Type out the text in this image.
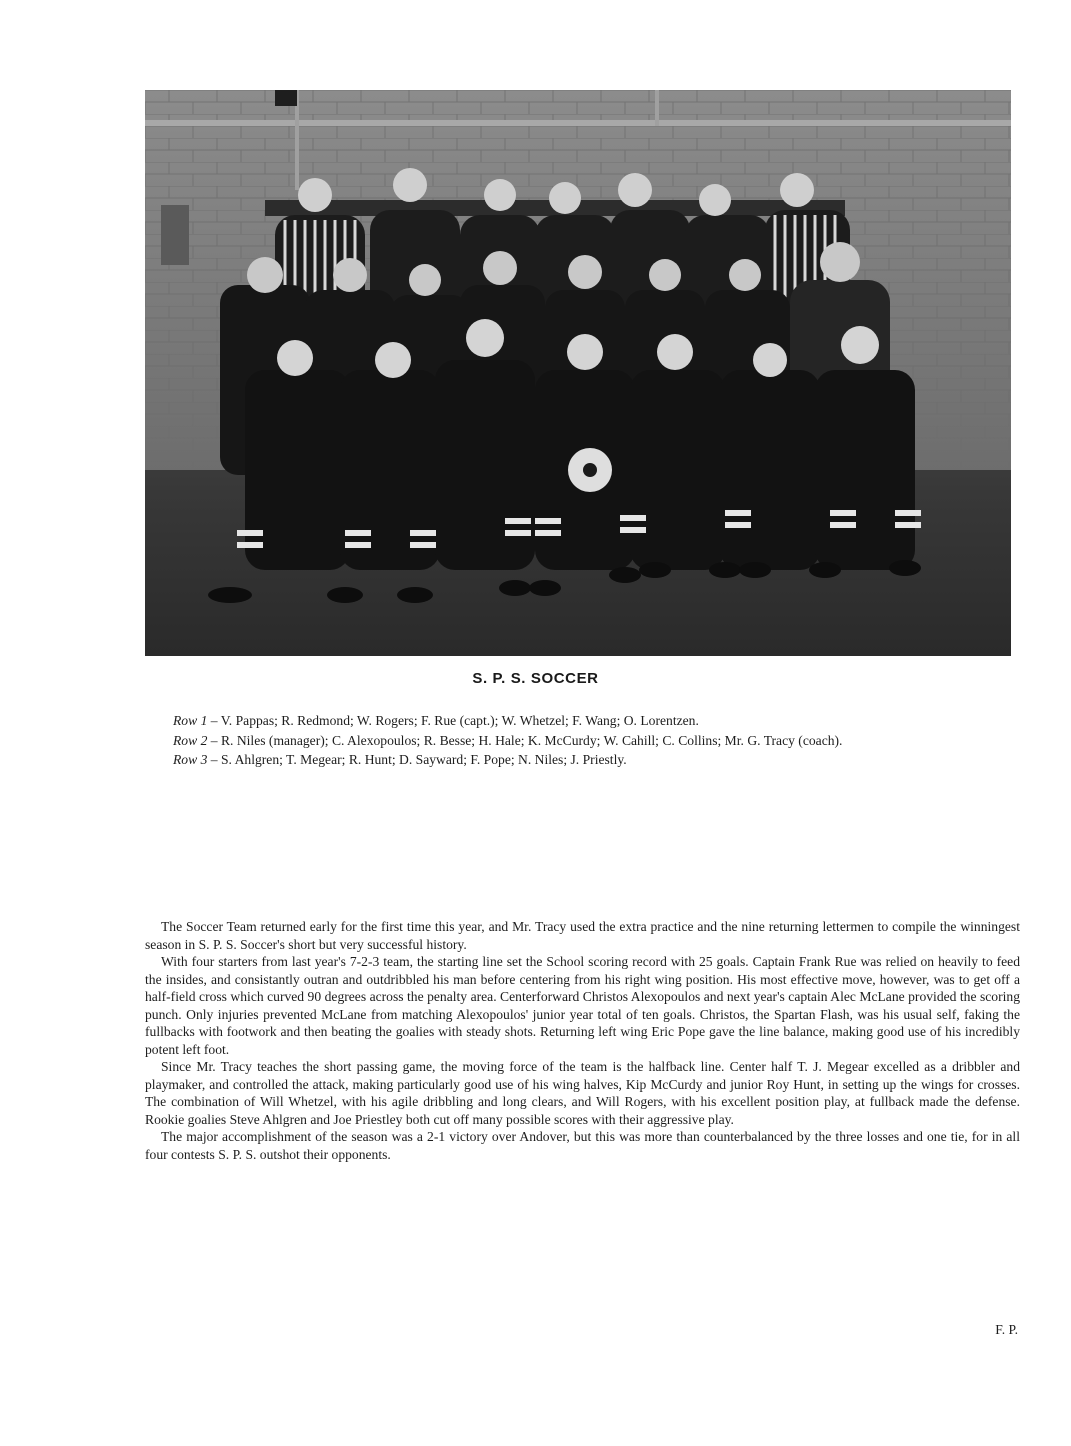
S. P. S. SOCCER

Row 1 – V. Pappas; R. Redmond; W. Rogers; F. Rue (capt.); W. Whetzel; F. Wang; O. Lorentzen.

Row 2 – R. Niles (manager); C. Alexopoulos; R. Besse; H. Hale; K. McCurdy; W. Cahill; C. Collins; Mr. G. Tracy (coach).

Row 3 – S. Ahlgren; T. Megear; R. Hunt; D. Sayward; F. Pope; N. Niles; J. Priestly.

The Soccer Team returned early for the first time this year, and Mr. Tracy used the extra practice and the nine returning lettermen to compile the winningest season in S. P. S. Soccer's short but very successful history.

With four starters from last year's 7-2-3 team, the starting line set the School scoring record with 25 goals. Captain Frank Rue was relied on heavily to feed the insides, and consistantly outran and outdribbled his man before centering from his right wing position. His most effective move, however, was to get off a half-field cross which curved 90 degrees across the penalty area. Centerforward Christos Alexopoulos and next year's captain Alec McLane provided the scoring punch. Only injuries prevented McLane from matching Alexopoulos' junior year total of ten goals. Christos, the Spartan Flash, was his usual self, faking the fullbacks with footwork and then beating the goalies with steady shots. Returning left wing Eric Pope gave the line balance, making good use of his incredibly potent left foot.

Since Mr. Tracy teaches the short passing game, the moving force of the team is the halfback line. Center half T. J. Megear excelled as a dribbler and playmaker, and controlled the attack, making particularly good use of his wing halves, Kip McCurdy and junior Roy Hunt, in setting up the wings for crosses. The combination of Will Whetzel, with his agile dribbling and long clears, and Will Rogers, with his excellent position play, at fullback made the defense. Rookie goalies Steve Ahlgren and Joe Priestley both cut off many possible scores with their aggressive play.

The major accomplishment of the season was a 2-1 victory over Andover, but this was more than counterbalanced by the three losses and one tie, for in all four contests S. P. S. outshot their opponents.

F. P.
